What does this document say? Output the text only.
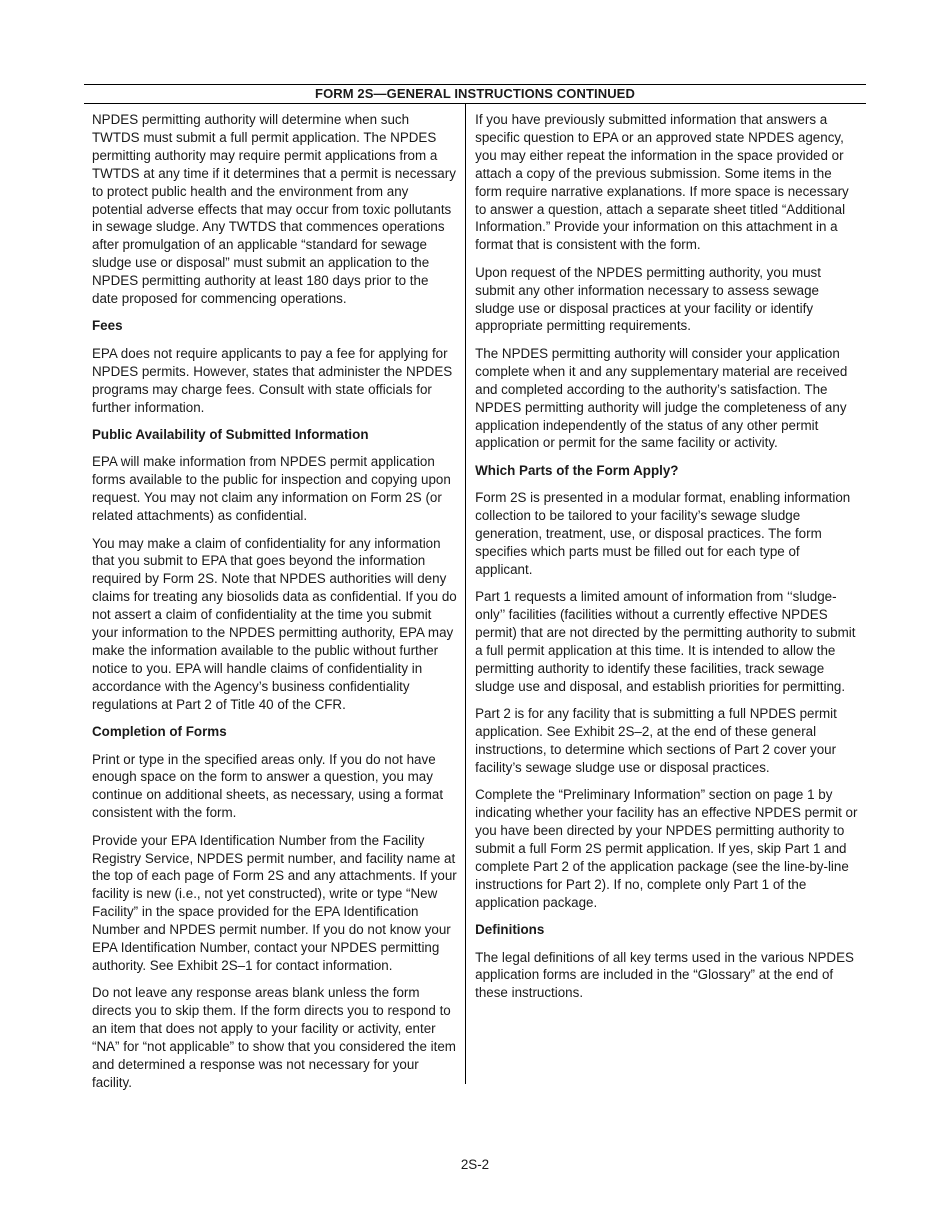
FORM 2S—GENERAL INSTRUCTIONS CONTINUED

NPDES permitting authority will determine when such TWTDS must submit a full permit application. The NPDES permitting authority may require permit applications from a TWTDS at any time if it determines that a permit is necessary to protect public health and the environment from any potential adverse effects that may occur from toxic pollutants in sewage sludge. Any TWTDS that commences operations after promulgation of an applicable “standard for sewage sludge use or disposal” must submit an application to the NPDES permitting authority at least 180 days prior to the date proposed for commencing operations.

Fees

EPA does not require applicants to pay a fee for applying for NPDES permits. However, states that administer the NPDES programs may charge fees. Consult with state officials for further information.

Public Availability of Submitted Information

EPA will make information from NPDES permit application forms available to the public for inspection and copying upon request. You may not claim any information on Form 2S (or related attachments) as confidential.

You may make a claim of confidentiality for any information that you submit to EPA that goes beyond the information required by Form 2S. Note that NPDES authorities will deny claims for treating any biosolids data as confidential. If you do not assert a claim of confidentiality at the time you submit your information to the NPDES permitting authority, EPA may make the information available to the public without further notice to you. EPA will handle claims of confidentiality in accordance with the Agency’s business confidentiality regulations at Part 2 of Title 40 of the CFR.

Completion of Forms

Print or type in the specified areas only. If you do not have enough space on the form to answer a question, you may continue on additional sheets, as necessary, using a format consistent with the form.

Provide your EPA Identification Number from the Facility Registry Service, NPDES permit number, and facility name at the top of each page of Form 2S and any attachments. If your facility is new (i.e., not yet constructed), write or type “New Facility” in the space provided for the EPA Identification Number and NPDES permit number. If you do not know your EPA Identification Number, contact your NPDES permitting authority. See Exhibit 2S–1 for contact information.

Do not leave any response areas blank unless the form directs you to skip them. If the form directs you to respond to an item that does not apply to your facility or activity, enter “NA” for “not applicable” to show that you considered the item and determined a response was not necessary for your facility.

If you have previously submitted information that answers a specific question to EPA or an approved state NPDES agency, you may either repeat the information in the space provided or attach a copy of the previous submission. Some items in the form require narrative explanations. If more space is necessary to answer a question, attach a separate sheet titled “Additional Information.” Provide your information on this attachment in a format that is consistent with the form.

Upon request of the NPDES permitting authority, you must submit any other information necessary to assess sewage sludge use or disposal practices at your facility or identify appropriate permitting requirements.

The NPDES permitting authority will consider your application complete when it and any supplementary material are received and completed according to the authority’s satisfaction. The NPDES permitting authority will judge the completeness of any application independently of the status of any other permit application or permit for the same facility or activity.

Which Parts of the Form Apply?

Form 2S is presented in a modular format, enabling information collection to be tailored to your facility’s sewage sludge generation, treatment, use, or disposal practices. The form specifies which parts must be filled out for each type of applicant.

Part 1 requests a limited amount of information from ‘‘sludge-only’’ facilities (facilities without a currently effective NPDES permit) that are not directed by the permitting authority to submit a full permit application at this time. It is intended to allow the permitting authority to identify these facilities, track sewage sludge use and disposal, and establish priorities for permitting.

Part 2 is for any facility that is submitting a full NPDES permit application. See Exhibit 2S–2, at the end of these general instructions, to determine which sections of Part 2 cover your facility’s sewage sludge use or disposal practices.

Complete the “Preliminary Information” section on page 1 by indicating whether your facility has an effective NPDES permit or you have been directed by your NPDES permitting authority to submit a full Form 2S permit application. If yes, skip Part 1 and complete Part 2 of the application package (see the line-by-line instructions for Part 2). If no, complete only Part 1 of the application package.

Definitions

The legal definitions of all key terms used in the various NPDES application forms are included in the “Glossary” at the end of these instructions.

2S-2
